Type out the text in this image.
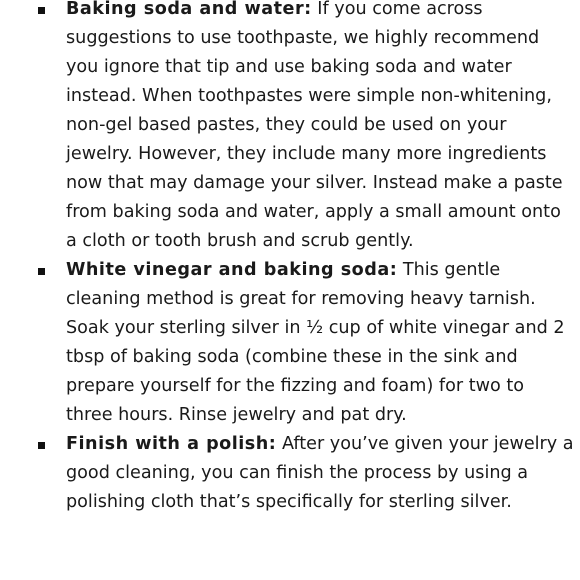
Baking soda and water: If you come across suggestions to use toothpaste, we highly recommend you ignore that tip and use baking soda and water instead. When toothpastes were simple non-whitening, non-gel based pastes, they could be used on your jewelry. However, they include many more ingredients now that may damage your silver. Instead make a paste from baking soda and water, apply a small amount onto a cloth or tooth brush and scrub gently.
White vinegar and baking soda: This gentle cleaning method is great for removing heavy tarnish. Soak your sterling silver in ½ cup of white vinegar and 2 tbsp of baking soda (combine these in the sink and prepare yourself for the fizzing and foam) for two to three hours. Rinse jewelry and pat dry.
Finish with a polish: After you’ve given your jewelry a good cleaning, you can finish the process by using a polishing cloth that’s specifically for sterling silver.
